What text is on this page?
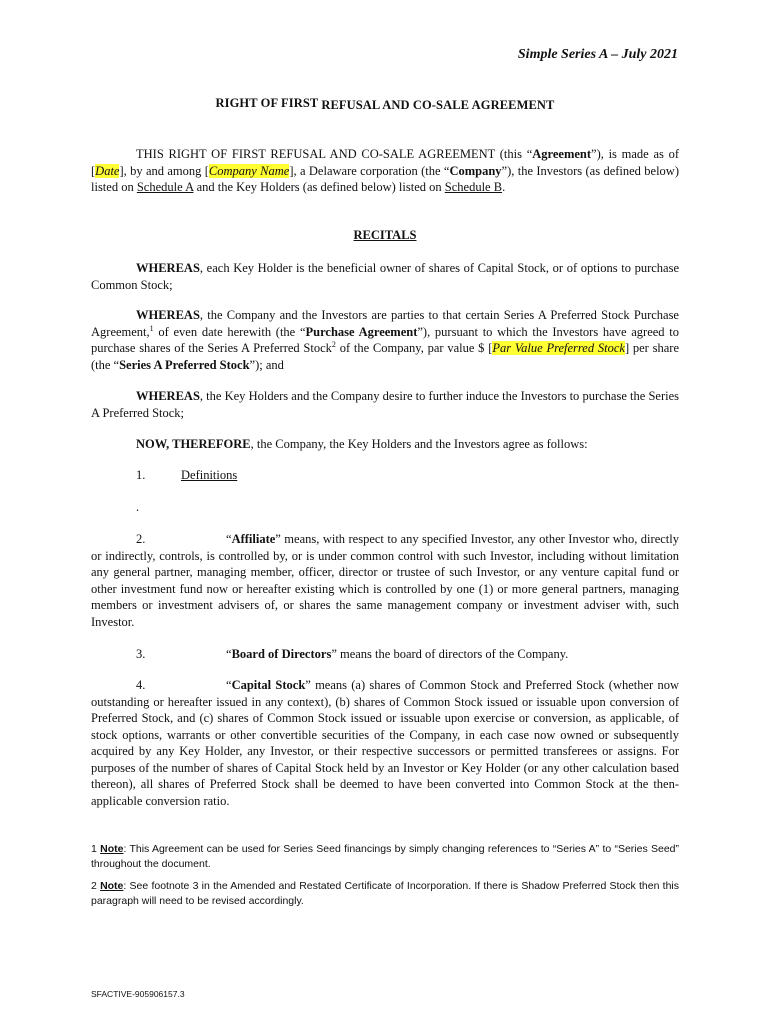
Simple Series A – July 2021
RIGHT OF FIRST REFUSAL AND CO-SALE AGREEMENT
THIS RIGHT OF FIRST REFUSAL AND CO-SALE AGREEMENT (this “Agreement”), is made as of [Date], by and among [Company Name], a Delaware corporation (the “Company”), the Investors (as defined below) listed on Schedule A and the Key Holders (as defined below) listed on Schedule B.
RECITALS
WHEREAS, each Key Holder is the beneficial owner of shares of Capital Stock, or of options to purchase Common Stock;
WHEREAS, the Company and the Investors are parties to that certain Series A Preferred Stock Purchase Agreement,$^1$ of even date herewith (the “Purchase Agreement”), pursuant to which the Investors have agreed to purchase shares of the Series A Preferred Stock$^2$ of the Company, par value $ [Par Value Preferred Stock] per share (the “Series A Preferred Stock”); and
WHEREAS, the Key Holders and the Company desire to further induce the Investors to purchase the Series A Preferred Stock;
NOW, THEREFORE, the Company, the Key Holders and the Investors agree as follows:
1.	Definitions
.
2.	“Affiliate” means, with respect to any specified Investor, any other Investor who, directly or indirectly, controls, is controlled by, or is under common control with such Investor, including without limitation any general partner, managing member, officer, director or trustee of such Investor, or any venture capital fund or other investment fund now or hereafter existing which is controlled by one (1) or more general partners, managing members or investment advisers of, or shares the same management company or investment adviser with, such Investor.
3.	“Board of Directors” means the board of directors of the Company.
4.	“Capital Stock” means (a) shares of Common Stock and Preferred Stock (whether now outstanding or hereafter issued in any context), (b) shares of Common Stock issued or issuable upon conversion of Preferred Stock, and (c) shares of Common Stock issued or issuable upon exercise or conversion, as applicable, of stock options, warrants or other convertible securities of the Company, in each case now owned or subsequently acquired by any Key Holder, any Investor, or their respective successors or permitted transferees or assigns. For purposes of the number of shares of Capital Stock held by an Investor or Key Holder (or any other calculation based thereon), all shares of Preferred Stock shall be deemed to have been converted into Common Stock at the then-applicable conversion ratio.
1 Note: This Agreement can be used for Series Seed financings by simply changing references to “Series A” to “Series Seed” throughout the document.
2 Note: See footnote 3 in the Amended and Restated Certificate of Incorporation. If there is Shadow Preferred Stock then this paragraph will need to be revised accordingly.
SFACTIVE-905906157.3
